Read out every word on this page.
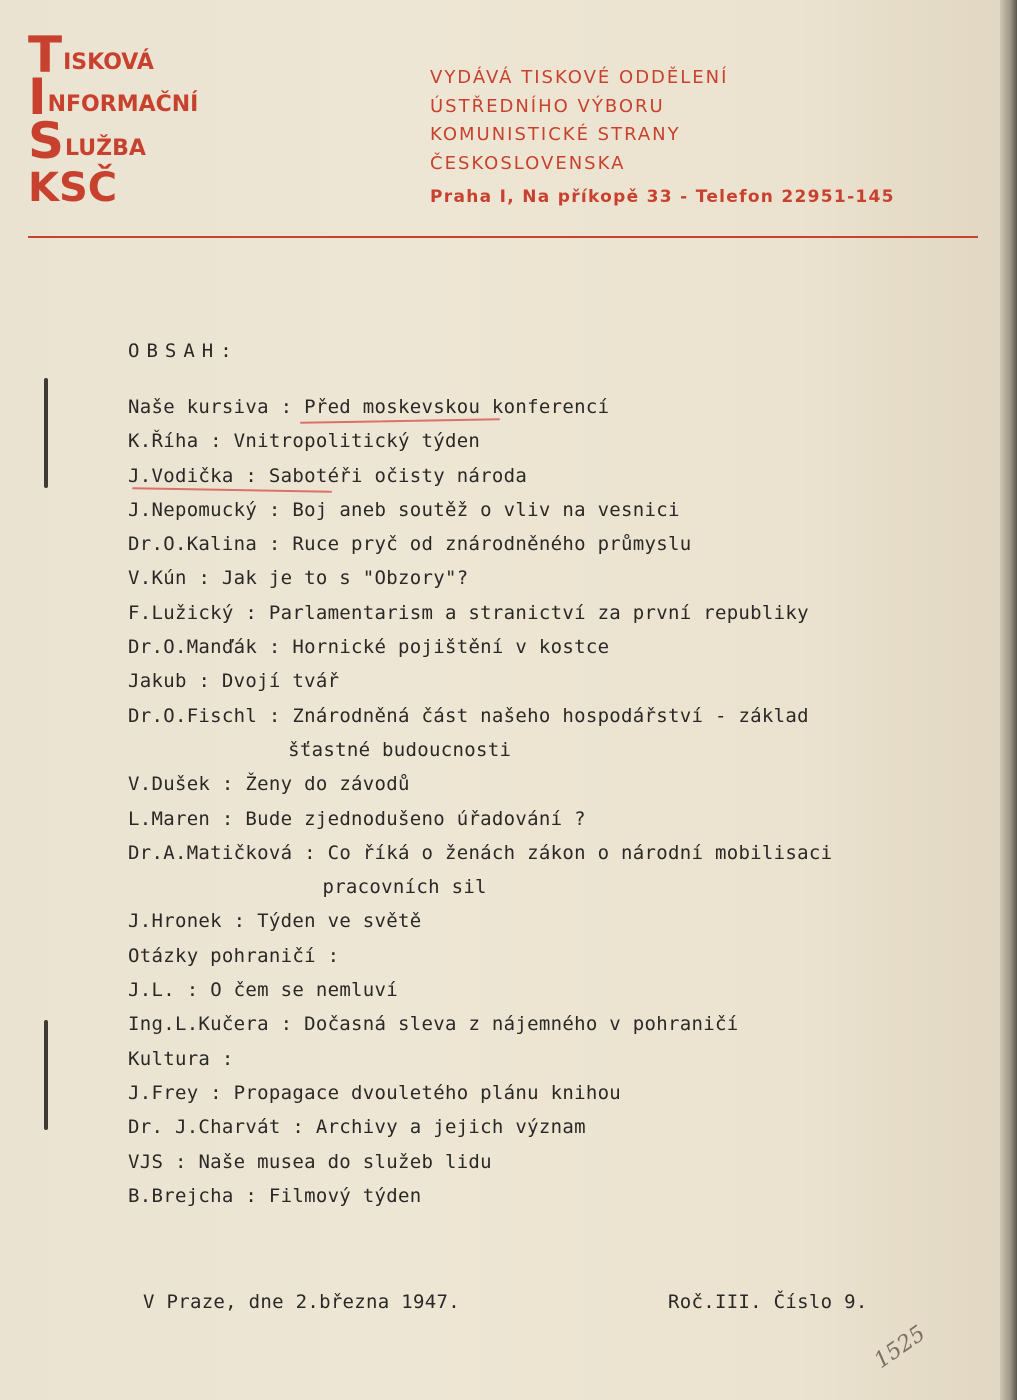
T ISKOVÁ
I NFORMAČNÍ
S LUŽBA
KSČ
VYDÁVÁ TISKOVÉ ODDĚLENÍ
ÚSTŘEDNÍHO VÝBORU
KOMUNISTICKÉ STRANY
ČESKOSLOVENSKA
Praha I, Na příkopě 33 - Telefon 22951-145
OBSAH:
Naše kursiva : Před moskevskou konferencí
K.Říha : Vnitropolitický týden
J.Vodička : Sabotéři očisty národa
J.Nepomucký : Boj aneb soutěž o vliv na vesnici
Dr.O.Kalina : Ruce pryč od znárodněného průmyslu
V.Kún : Jak je to s "Obzory"?
F.Lužický : Parlamentarism a stranictví za první republiky
Dr.O.Manďák : Hornické pojištění v kostce
Jakub : Dvojí tvář
Dr.O.Fischl : Znárodněná část našeho hospodářství - základ
šťastné budoucnosti
V.Dušek : Ženy do závodů
L.Maren : Bude zjednodušeno úřadování ?
Dr.A.Matičková : Co říká o ženách zákon o národní mobilisaci
pracovních sil
J.Hronek : Týden ve světě
Otázky pohraničí :
J.L. : O čem se nemluví
Ing.L.Kučera : Dočasná sleva z nájemného v pohraničí
Kultura :
J.Frey : Propagace dvouletého plánu knihou
Dr. J.Charvát : Archivy a jejich význam
VJS : Naše musea do služeb lidu
B.Brejcha : Filmový týden
V Praze, dne 2.března 1947.	Roč.III. Číslo 9.
1525
